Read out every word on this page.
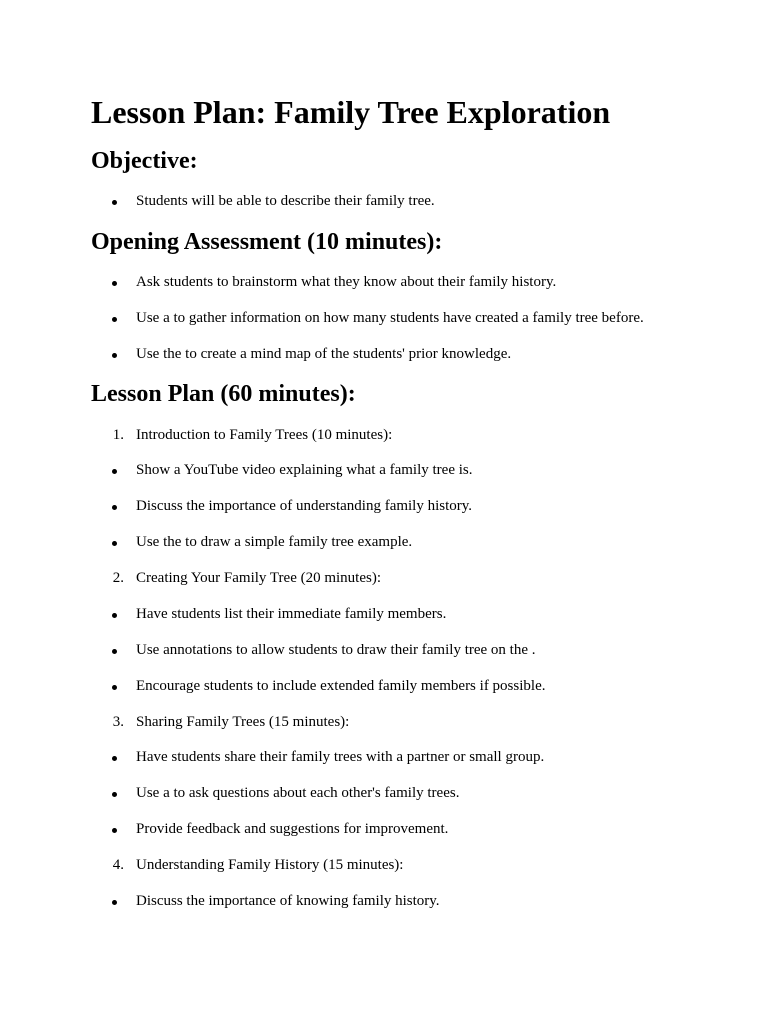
Lesson Plan: Family Tree Exploration
Objective:
Students will be able to describe their family tree.
Opening Assessment (10 minutes):
Ask students to brainstorm what they know about their family history.
Use a to gather information on how many students have created a family tree before.
Use the to create a mind map of the students' prior knowledge.
Lesson Plan (60 minutes):
1. Introduction to Family Trees (10 minutes):
Show a YouTube video explaining what a family tree is.
Discuss the importance of understanding family history.
Use the to draw a simple family tree example.
2. Creating Your Family Tree (20 minutes):
Have students list their immediate family members.
Use annotations to allow students to draw their family tree on the .
Encourage students to include extended family members if possible.
3. Sharing Family Trees (15 minutes):
Have students share their family trees with a partner or small group.
Use a to ask questions about each other's family trees.
Provide feedback and suggestions for improvement.
4. Understanding Family History (15 minutes):
Discuss the importance of knowing family history.
